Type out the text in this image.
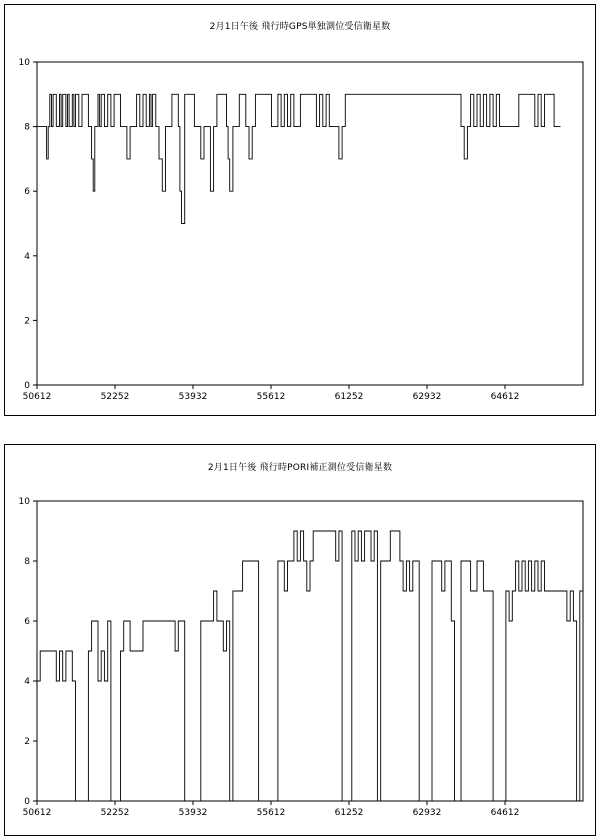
2月1日午後 飛行時GPS単独測位受信衛星数
0
2
4
6
8
10
50612	52252	53932	55612	61252	62932	64612
2月1日午後 飛行時PORI補正測位受信衛星数
0
2
4
6
8
10
50612	52252	53932	55612	61252	62932	64612
